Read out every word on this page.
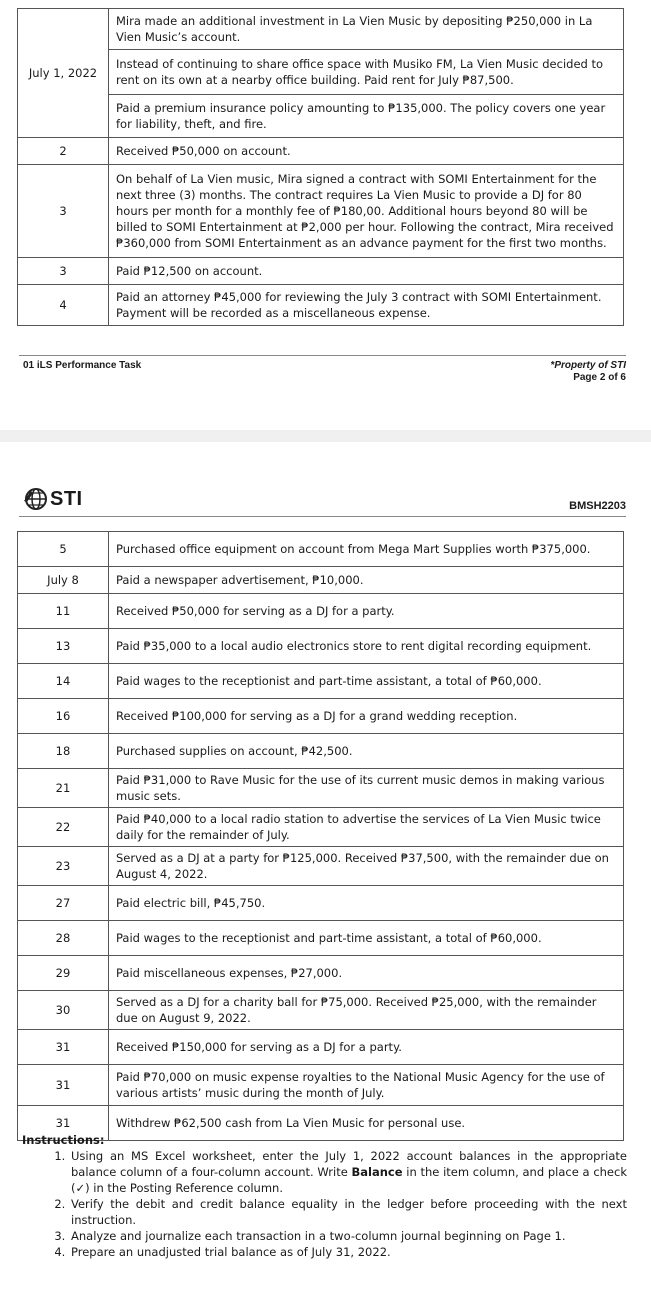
July 1, 2022	Mira made an additional investment in La Vien Music by depositing ₱250,000 in La Vien Music’s account.
	Instead of continuing to share office space with Musiko FM, La Vien Music decided to rent on its own at a nearby office building. Paid rent for July ₱87,500.
	Paid a premium insurance policy amounting to ₱135,000. The policy covers one year for liability, theft, and fire.
2	Received ₱50,000 on account.
3	On behalf of La Vien music, Mira signed a contract with SOMI Entertainment for the next three (3) months. The contract requires La Vien Music to provide a DJ for 80 hours per month for a monthly fee of ₱180,00. Additional hours beyond 80 will be billed to SOMI Entertainment at ₱2,000 per hour. Following the contract, Mira received ₱360,000 from SOMI Entertainment as an advance payment for the first two months.
3	Paid ₱12,500 on account.
4	Paid an attorney ₱45,000 for reviewing the July 3 contract with SOMI Entertainment. Payment will be recorded as a miscellaneous expense.
01 iLS Performance Task	*Property of STI
Page 2 of 6
STI	BMSH2203
5	Purchased office equipment on account from Mega Mart Supplies worth ₱375,000.
July 8	Paid a newspaper advertisement, ₱10,000.
11	Received ₱50,000 for serving as a DJ for a party.
13	Paid ₱35,000 to a local audio electronics store to rent digital recording equipment.
14	Paid wages to the receptionist and part-time assistant, a total of ₱60,000.
16	Received ₱100,000 for serving as a DJ for a grand wedding reception.
18	Purchased supplies on account, ₱42,500.
21	Paid ₱31,000 to Rave Music for the use of its current music demos in making various music sets.
22	Paid ₱40,000 to a local radio station to advertise the services of La Vien Music twice daily for the remainder of July.
23	Served as a DJ at a party for ₱125,000. Received ₱37,500, with the remainder due on August 4, 2022.
27	Paid electric bill, ₱45,750.
28	Paid wages to the receptionist and part-time assistant, a total of ₱60,000.
29	Paid miscellaneous expenses, ₱27,000.
30	Served as a DJ for a charity ball for ₱75,000. Received ₱25,000, with the remainder due on August 9, 2022.
31	Received ₱150,000 for serving as a DJ for a party.
31	Paid ₱70,000 on music expense royalties to the National Music Agency for the use of various artists’ music during the month of July.
31	Withdrew ₱62,500 cash from La Vien Music for personal use.
Instructions:
1. Using an MS Excel worksheet, enter the July 1, 2022 account balances in the appropriate balance column of a four-column account. Write Balance in the item column, and place a check (✓) in the Posting Reference column.
2. Verify the debit and credit balance equality in the ledger before proceeding with the next instruction.
3. Analyze and journalize each transaction in a two-column journal beginning on Page 1.
4. Prepare an unadjusted trial balance as of July 31, 2022.
